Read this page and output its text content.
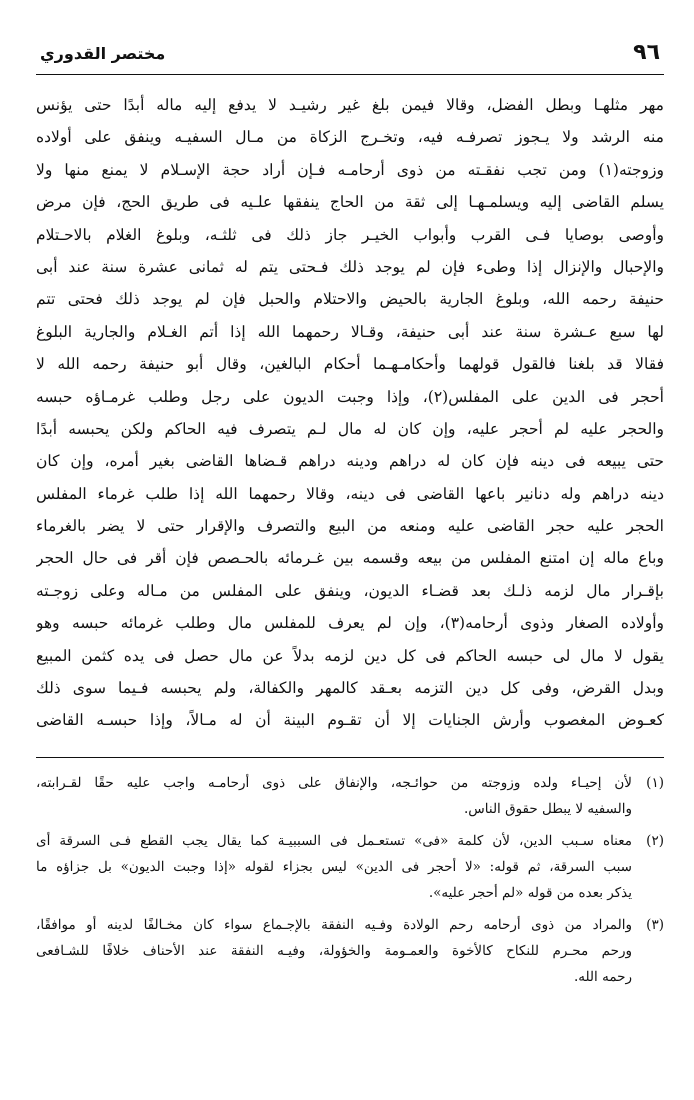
٩٦
مختصر القدوري
مهر مثلهـا وبطل الفضل، وقالا فيمن بلغ غير رشيـد لا يدفع إليه ماله أبدًا حتى يؤنس
منه الرشد ولا يـجوز تصرفـه فيه، وتخـرج الزكاة من مـال السفيـه وينفق على أولاده
وزوجته(١) ومن تجب نفقـته من ذوى أرحامـه فـإن أراد حجة الإسـلام لا يمنع منها ولا
يسلم القاضى إليه ويسلمـهـا إلى ثقة من الحاج ينفقها علـيه فى طريق الحج، فإن مرض
وأوصى بوصايا فـى القرب وأبواب الخيـر جاز ذلك فى ثلثـه، وبلوغ الغلام بالاحـتلام
والإحبال والإنزال إذا وطىء فإن لم يوجد ذلك فـحتى يتم له ثمانى عشرة سنة عند أبى
حنيفة رحمه الله، وبلوغ الجارية بالحيض والاحتلام والحبل فإن لم يوجد ذلك فحتى تتم
لها سبع عـشرة سنة عند أبى حنيفة، وقـالا رحمهما الله إذا أتم الغـلام والجارية البلوغ
فقالا قد بلغنا فالقول قولهما وأحكامـهـما أحكام البالغين، وقال أبو حنيفة رحمه الله لا
أحجر فى الدين على المفلس(٢)، وإذا وجبت الديون على رجل وطلب غرمـاؤه حبسه
والحجر عليه لم أحجر عليه، وإن كان له مال لـم يتصرف فيه الحاكم ولكن يحبسه أبدًا
حتى يبيعه فى دينه فإن كان له دراهم ودينه دراهم قـضاها القاضى بغير أمره، وإن كان
دينه دراهم وله دنانير باعها القاضى فى دينه، وقالا رحمهما الله إذا طلب غرماء المفلس
الحجر عليه حجر القاضى عليه ومنعه من البيع والتصرف والإقرار حتى لا يضر بالغرماء
وباع ماله إن امتنع المفلس من بيعه وقسمه بين غـرمائه بالحـصص فإن أقر فى حال الحجر
بإقـرار مال لزمه ذلـك بعد قضـاء الديون، وينفق على المفلس من مـاله وعلى زوجـته
وأولاده الصغار وذوى أرحامه(٣)، وإن لم يعرف للمفلس مال وطلب غرمائه حبسه وهو
يقول لا مال لى حبسه الحاكم فى كل دين لزمه بدلاً عن مال حصل فى يده كثمن المبيع
وبدل القرض، وفى كل دين التزمه بعـقد كالمهر والكفالة، ولم يحبسه فـيما سوى ذلك
كعـوض المغصوب وأرش الجنايات إلا أن تقـوم البينة أن له مـالاً، وإذا حبسـه القاضى
(١)لأن إحيـاء ولده وزوجته من حوائـجه، والإنفاق على ذوى أرحامـه واجب عليه حقًا لقـرابته،
والسفيه لا يبطل حقوق الناس.
(٢)معناه سـبب الدين، لأن كلمة «فى» تستعـمل فى السببيـة كما يقال يجب القطع فـى السرقة أى
سبب السرقة، ثم قوله: «لا أحجر فى الدين» ليس بجزاء لقوله «إذا وجبت الديون» بل جزاؤه ما
يذكر بعده من قوله «لم أحجر عليه».
(٣)والمراد من ذوى أرحامه رحم الولادة وفـيه النفقة بالإجـماع سواء كان مخـالفًا لدينه أو موافقًا،
ورحم محـرم للنكاح كالأخوة والعمـومة والخؤولة، وفيـه النفقة عند الأحناف خلافًا للشـافعى
رحمه الله.
